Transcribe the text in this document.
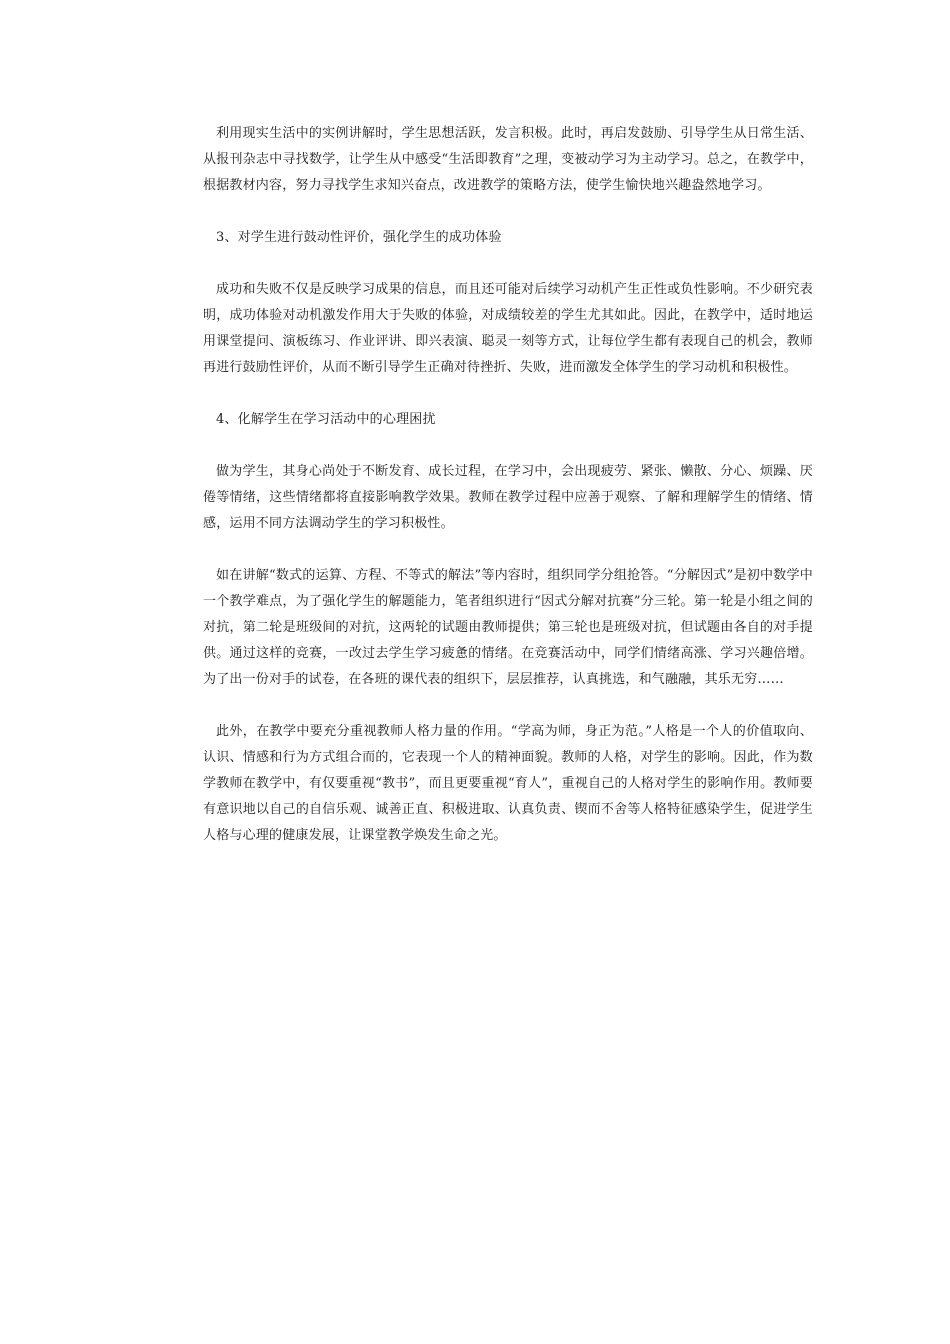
利用现实生活中的实例讲解时，学生思想活跃，发言积极。此时，再启发鼓励、引导学生从日常生活、从报刊杂志中寻找数学，让学生从中感受“生活即教育”之理，变被动学习为主动学习。总之，在教学中，根据教材内容，努力寻找学生求知兴奋点，改进教学的策略方法，使学生愉快地兴趣盎然地学习。

3、对学生进行鼓动性评价，强化学生的成功体验

成功和失败不仅是反映学习成果的信息，而且还可能对后续学习动机产生正性或负性影响。不少研究表明，成功体验对动机激发作用大于失败的体验，对成绩较差的学生尤其如此。因此，在教学中，适时地运用课堂提问、演板练习、作业评讲、即兴表演、聪灵一刻等方式，让每位学生都有表现自己的机会，教师再进行鼓励性评价，从而不断引导学生正确对待挫折、失败，进而激发全体学生的学习动机和积极性。

4、化解学生在学习活动中的心理困扰

做为学生，其身心尚处于不断发育、成长过程，在学习中，会出现疲劳、紧张、懒散、分心、烦躁、厌倦等情绪，这些情绪都将直接影响教学效果。教师在教学过程中应善于观察、了解和理解学生的情绪、情感，运用不同方法调动学生的学习积极性。

如在讲解“数式的运算、方程、不等式的解法”等内容时，组织同学分组抢答。“分解因式”是初中数学中一个教学难点，为了强化学生的解题能力，笔者组织进行“因式分解对抗赛”分三轮。第一轮是小组之间的对抗，第二轮是班级间的对抗，这两轮的试题由教师提供；第三轮也是班级对抗，但试题由各自的对手提供。通过这样的竞赛，一改过去学生学习疲惫的情绪。在竞赛活动中，同学们情绪高涨、学习兴趣倍增。为了出一份对手的试卷，在各班的课代表的组织下，层层推荐，认真挑选，和气融融，其乐无穷……

此外，在教学中要充分重视教师人格力量的作用。“学高为师，身正为范。”人格是一个人的价值取向、认识、情感和行为方式组合而的，它表现一个人的精神面貌。教师的人格，对学生的影响。因此，作为数学教师在教学中，有仅要重视“教书”，而且更要重视“育人”，重视自己的人格对学生的影响作用。教师要有意识地以自己的自信乐观、诚善正直、积极进取、认真负责、锲而不舍等人格特征感染学生，促进学生人格与心理的健康发展，让课堂教学焕发生命之光。
